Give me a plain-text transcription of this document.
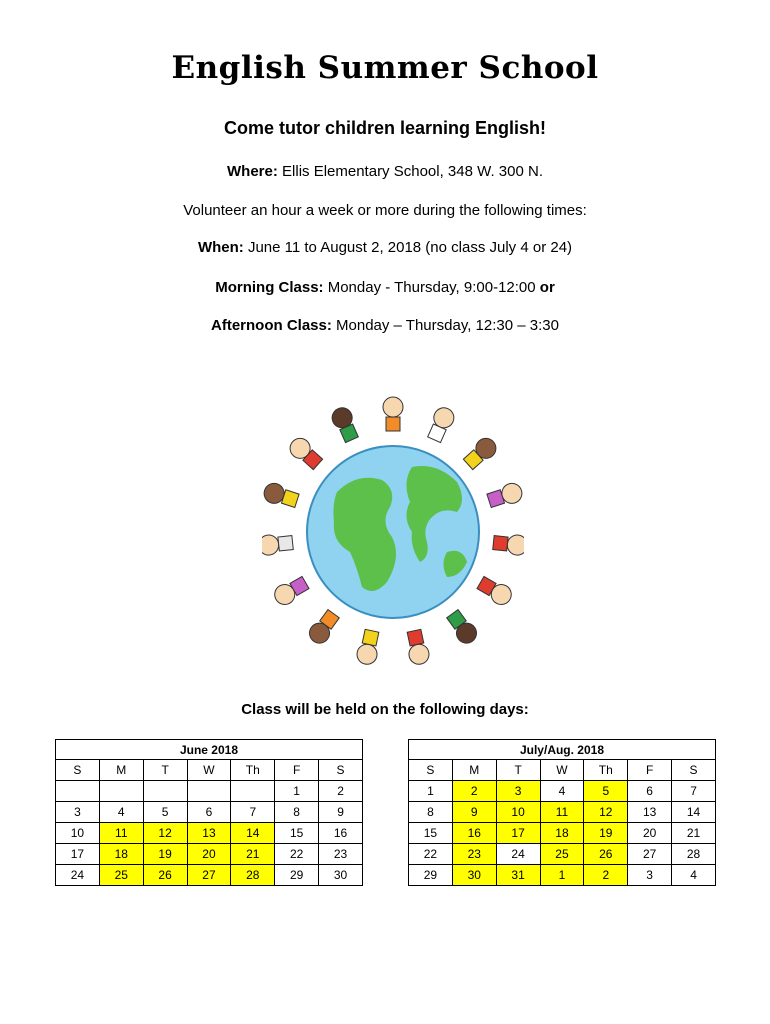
English Summer School
Come tutor children learning English!
Where: Ellis Elementary School, 348 W. 300 N.
Volunteer an hour a week or more during the following times:
When: June 11 to August 2, 2018 (no class July 4 or 24)
Morning Class: Monday - Thursday, 9:00-12:00 or
Afternoon Class: Monday – Thursday, 12:30 – 3:30
Class will be held on the following days:
June 2018						
S	M	T	W	Th	F	S
					1	2
3	4	5	6	7	8	9
10	11	12	13	14	15	16
17	18	19	20	21	22	23
24	25	26	27	28	29	30
July/Aug. 2018						
S	M	T	W	Th	F	S
1	2	3	4	5	6	7
8	9	10	11	12	13	14
15	16	17	18	19	20	21
22	23	24	25	26	27	28
29	30	31	1	2	3	4
